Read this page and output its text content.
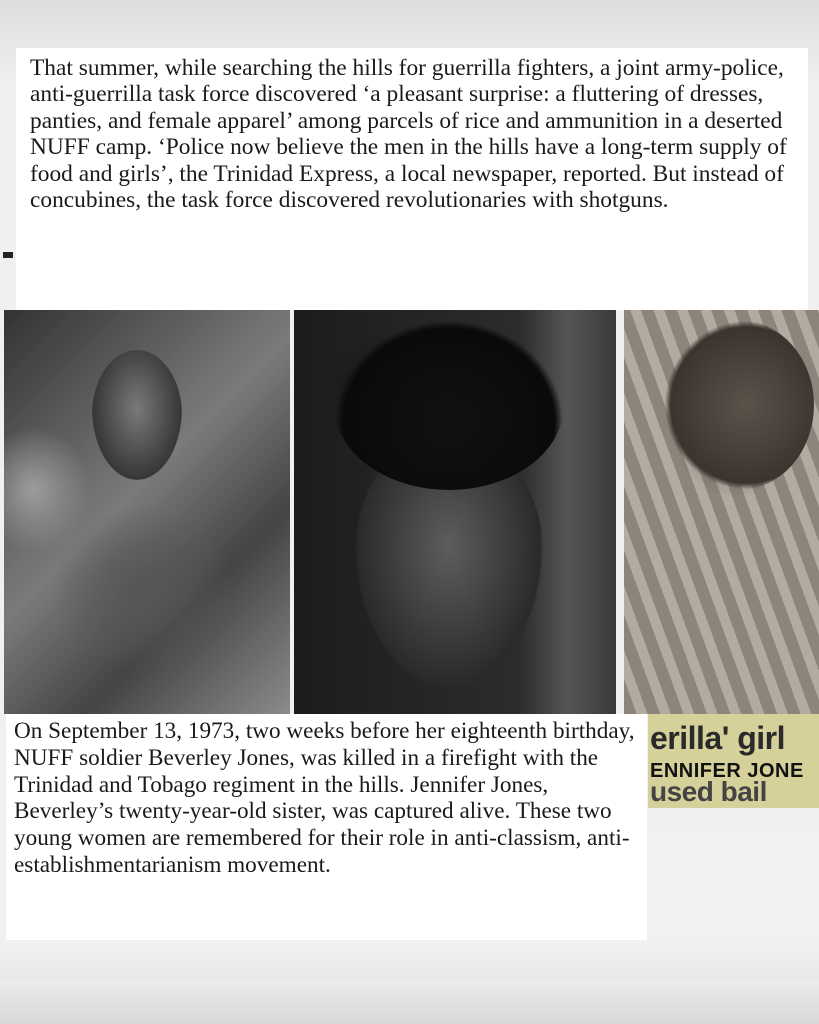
That summer, while searching the hills for guerrilla fighters, a joint army-police, anti-guerrilla task force discovered ‘a pleasant surprise: a fluttering of dresses, panties, and female apparel’ among parcels of rice and ammunition in a deserted NUFF camp. ‘Police now believe the men in the hills have a long-term supply of food and girls’, the Trinidad Express, a local newspaper, reported. But instead of concubines, the task force discovered revolutionaries with shotguns.

On September 13, 1973, two weeks before her eighteenth birthday, NUFF soldier Beverley Jones, was killed in a firefight with the Trinidad and Tobago regiment in the hills. Jennifer Jones, Beverley’s twenty-year-old sister, was captured alive. These two young women are remembered for their role in anti-classism, anti-establishmentarianism movement.

erilla' girl
ENNIFER JONE
used bail
